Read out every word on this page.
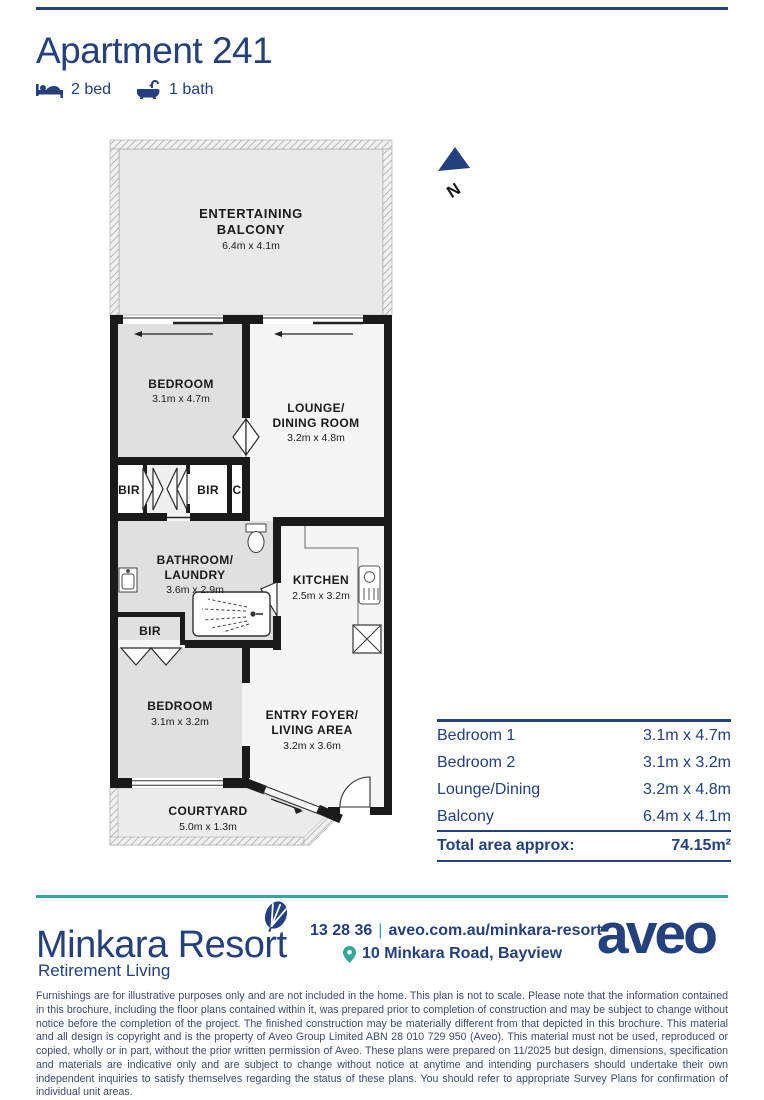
Apartment 241
2 bed	1 bath
N
ENTERTAINING
BALCONY
6.4m x 4.1m
BEDROOM
3.1m x 4.7m
LOUNGE/
DINING ROOM
3.2m x 4.8m
BIR	BIR C
BATHROOM/
LAUNDRY
3.6m x 2.9m
KITCHEN
2.5m x 3.2m
BIR
BEDROOM
3.1m x 3.2m	ENTRY FOYER/
LIVING AREA
3.2m x 3.6m
COURTYARD
5.0m x 1.3m
Bedroom 1	3.1m x 4.7m
Bedroom 2	3.1m x 3.2m
Lounge/Dining	3.2m x 4.8m
Balcony	6.4m x 4.1m
Total area approx:	74.15m²
Minkara Resort
Retirement Living
13 28 36 | aveo.com.au/minkara-resort
10 Minkara Road, Bayview aveo

Furnishings are for illustrative purposes only and are not included in the home. This plan is not to scale. Please note that the information contained in this brochure, including the floor plans contained within it, was prepared prior to completion of construction and may be subject to change without notice before the completion of the project. The finished construction may be materially different from that depicted in this brochure. This material and all design is copyright and is the property of Aveo Group Limited ABN 28 010 729 950 (Aveo). This material must not be used, reproduced or copied, wholly or in part, without the prior written permission of Aveo. These plans were prepared on 11/2025 but design, dimensions, specification and materials are indicative only and are subject to change without notice at anytime and intending purchasers should undertake their own independent inquiries to satisfy themselves regarding the status of these plans. You should refer to appropriate Survey Plans for confirmation of individual unit areas.
